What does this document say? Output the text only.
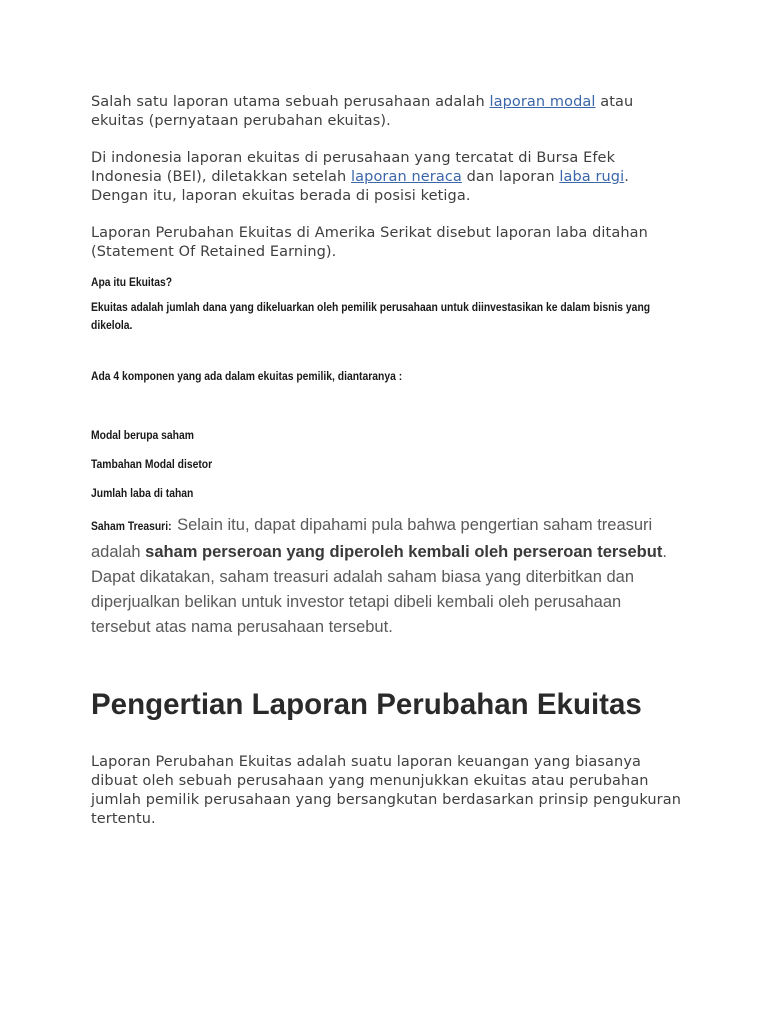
Salah satu laporan utama sebuah perusahaan adalah laporan modal atau ekuitas (pernyataan perubahan ekuitas).

Di indonesia laporan ekuitas di perusahaan yang tercatat di Bursa Efek Indonesia (BEI), diletakkan setelah laporan neraca dan laporan laba rugi. Dengan itu, laporan ekuitas berada di posisi ketiga.

Laporan Perubahan Ekuitas di Amerika Serikat disebut laporan laba ditahan (Statement Of Retained Earning).

Apa itu Ekuitas?

Ekuitas adalah jumlah dana yang dikeluarkan oleh pemilik perusahaan untuk diinvestasikan ke dalam bisnis yang dikelola.

Ada 4 komponen yang ada dalam ekuitas pemilik, diantaranya :

Modal berupa saham

Tambahan Modal disetor

Jumlah laba di tahan

Saham Treasuri: Selain itu, dapat dipahami pula bahwa pengertian saham treasuri adalah saham perseroan yang diperoleh kembali oleh perseroan tersebut. Dapat dikatakan, saham treasuri adalah saham biasa yang diterbitkan dan diperjualkan belikan untuk investor tetapi dibeli kembali oleh perusahaan tersebut atas nama perusahaan tersebut.

Pengertian Laporan Perubahan Ekuitas

Laporan Perubahan Ekuitas adalah suatu laporan keuangan yang biasanya dibuat oleh sebuah perusahaan yang menunjukkan ekuitas atau perubahan jumlah pemilik perusahaan yang bersangkutan berdasarkan prinsip pengukuran tertentu.
